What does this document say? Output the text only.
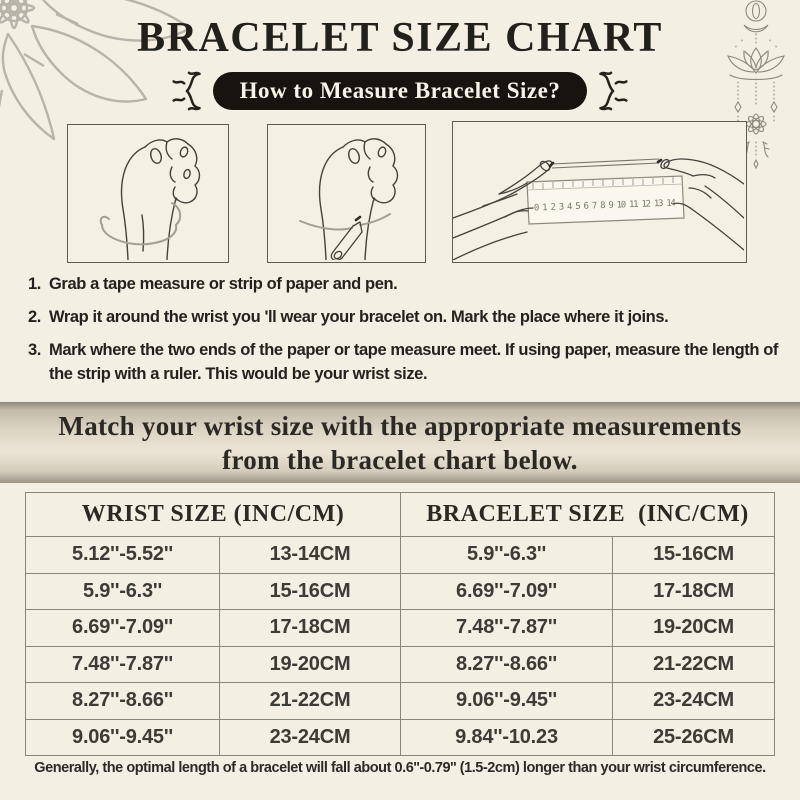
BRACELET SIZE CHART
How to Measure Bracelet Size?
0 1 2 3 4 5 6 7 8 9 10 11 12 13 14
1. Grab a tape measure or strip of paper and pen.
2. Wrap it around the wrist you 'll wear your bracelet on. Mark the place where it joins.
3. Mark where the two ends of the paper or tape measure meet. If using paper, measure the length of the strip with a ruler. This would be your wrist size.
Match your wrist size with the appropriate measurements
from the bracelet chart below.
WRIST SIZE (INC/CM)	BRACELET SIZE  (INC/CM)
5.12''-5.52''	13-14CM	5.9''-6.3''	15-16CM
5.9''-6.3''	15-16CM	6.69''-7.09''	17-18CM
6.69''-7.09''	17-18CM	7.48''-7.87''	19-20CM
7.48''-7.87''	19-20CM	8.27''-8.66''	21-22CM
8.27''-8.66''	21-22CM	9.06''-9.45''	23-24CM
9.06''-9.45''	23-24CM	9.84''-10.23	25-26CM
Generally, the optimal length of a bracelet will fall about 0.6''-0.79'' (1.5-2cm) longer than your wrist circumference.
